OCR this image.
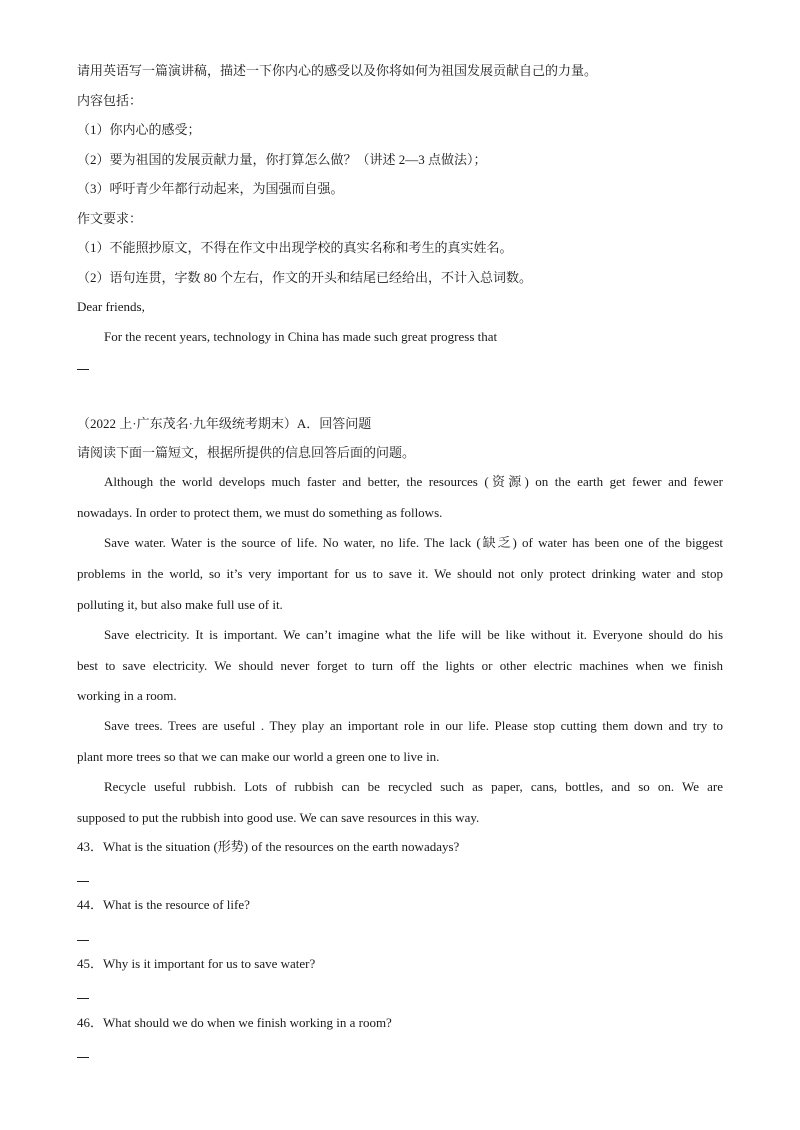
请用英语写一篇演讲稿，描述一下你内心的感受以及你将如何为祖国发展贡献自己的力量。
内容包括：
（1）你内心的感受；
（2）要为祖国的发展贡献力量，你打算怎么做？（讲述 2—3 点做法）；
（3）呼吁青少年都行动起来，为国强而自强。
作文要求：
（1）不能照抄原文，不得在作文中出现学校的真实名称和考生的真实姓名。
（2）语句连贯，字数 80 个左右，作文的开头和结尾已经给出，不计入总词数。
Dear friends,
For the recent years, technology in China has made such great progress that
（2022 上·广东茂名·九年级统考期末）A．回答问题
请阅读下面一篇短文，根据所提供的信息回答后面的问题。
Although the world develops much faster and better, the resources (资源) on the earth get fewer and fewer
nowadays. In order to protect them, we must do something as follows.
Save water. Water is the source of life. No water, no life. The lack (缺乏) of water has been one of the biggest
problems in the world, so it’s very important for us to save it. We should not only protect drinking water and stop
polluting it, but also make full use of it.
Save electricity. It is important. We can’t imagine what the life will be like without it. Everyone should do his
best to save electricity. We should never forget to turn off the lights or other electric machines when we finish
working in a room.
Save trees. Trees are useful . They play an important role in our life. Please stop cutting them down and try to
plant more trees so that we can make our world a green one to live in.
Recycle useful rubbish. Lots of rubbish can be recycled such as paper, cans, bottles, and so on. We are
supposed to put the rubbish into good use. We can save resources in this way.
43．What is the situation (形势) of the resources on the earth nowadays?
44．What is the resource of life?
45．Why is it important for us to save water?
46．What should we do when we finish working in a room?
